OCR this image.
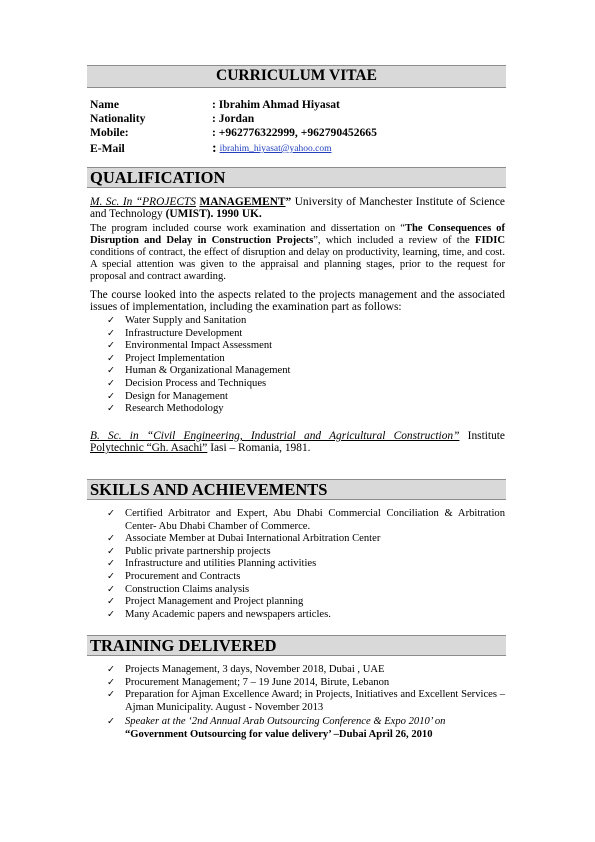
CURRICULUM VITAE
Name	: Ibrahim Ahmad Hiyasat
Nationality	: Jordan
Mobile:	: +962776322999, +962790452665
E-Mail	: ibrahim_hiyasat@yahoo.com
QUALIFICATION
M. Sc. In “PROJECTS MANAGEMENT” University of Manchester Institute of Science and Technology (UMIST). 1990 UK.
The program included course work examination and dissertation on “The Consequences of Disruption and Delay in Construction Projects”, which included a review of the FIDIC conditions of contract, the effect of disruption and delay on productivity, learning, time, and cost. A special attention was given to the appraisal and planning stages, prior to the request for proposal and contract awarding.
The course looked into the aspects related to the projects management and the associated issues of implementation, including the examination part as follows:
✓ Water Supply and Sanitation
✓ Infrastructure Development
✓ Environmental Impact Assessment
✓ Project Implementation
✓ Human & Organizational Management
✓ Decision Process and Techniques
✓ Design for Management
✓ Research Methodology
B. Sc. in “Civil Engineering, Industrial and Agricultural Construction” Institute Polytechnic “Gh. Asachi” Iasi – Romania, 1981.
SKILLS AND ACHIEVEMENTS
✓ Certified Arbitrator and Expert, Abu Dhabi Commercial Conciliation & Arbitration Center- Abu Dhabi Chamber of Commerce.
✓ Associate Member at Dubai International Arbitration Center
✓ Public private partnership projects
✓ Infrastructure and utilities Planning activities
✓ Procurement and Contracts
✓ Construction Claims analysis
✓ Project Management and Project planning
✓ Many Academic papers and newspapers articles.
TRAINING DELIVERED
✓ Projects Management, 3 days, November 2018, Dubai , UAE
✓ Procurement Management; 7 – 19 June 2014, Birute, Lebanon
✓ Preparation for Ajman Excellence Award; in Projects, Initiatives and Excellent Services – Ajman Municipality. August - November 2013
✓ Speaker at the ‘2nd Annual Arab Outsourcing Conference & Expo 2010’ on
“Government Outsourcing for value delivery’ –Dubai April 26, 2010
